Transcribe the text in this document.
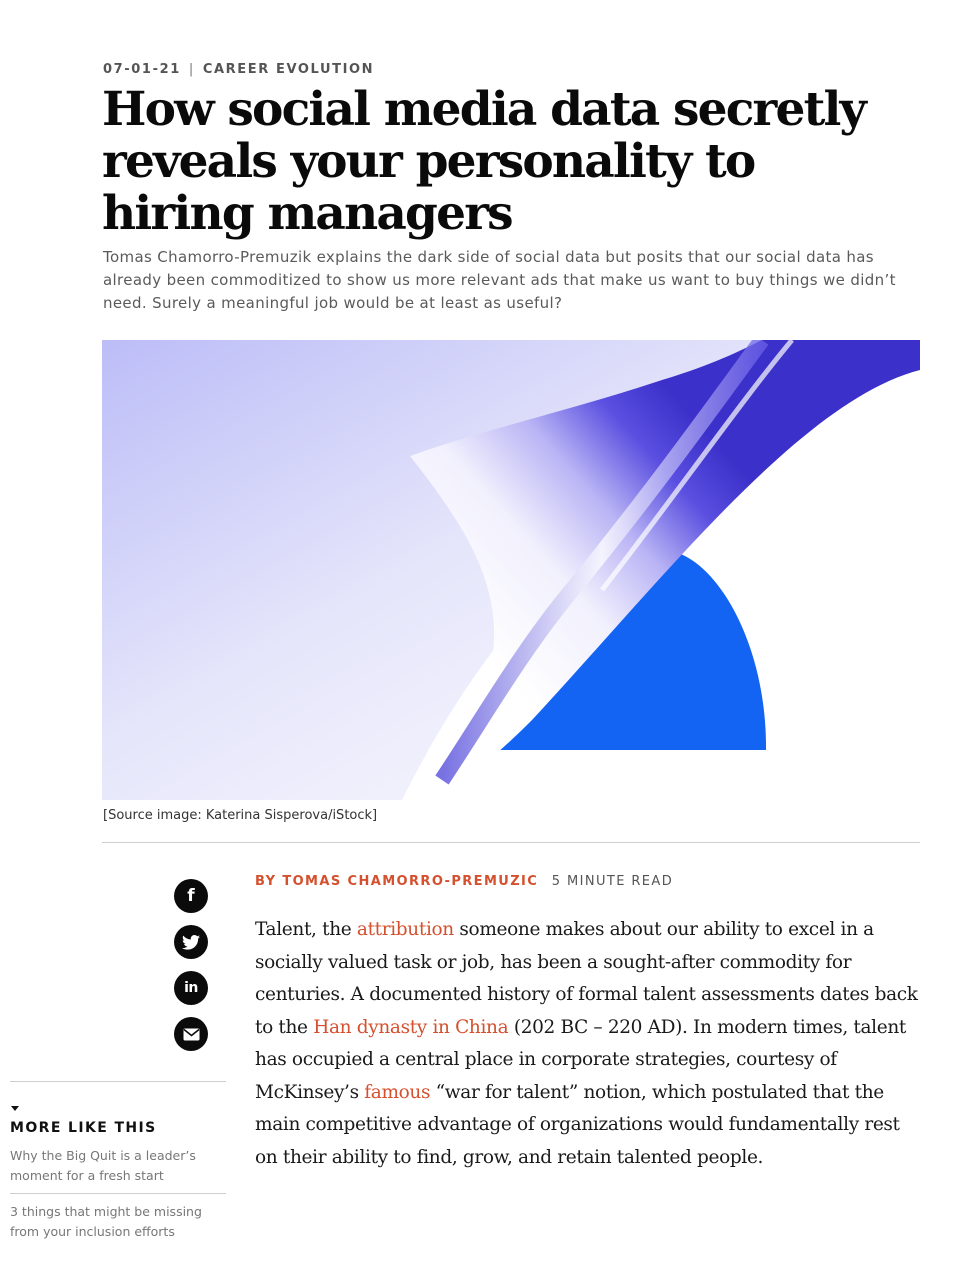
07-01-21 | CAREER EVOLUTION
How social media data secretly reveals your personality to hiring managers

Tomas Chamorro-Premuzik explains the dark side of social data but posits that our social data has already been commoditized to show us more relevant ads that make us want to buy things we didn’t need. Surely a meaningful job would be at least as useful?

[Source image: Katerina Sisperova/iStock]
BY TOMAS CHAMORRO-PREMUZIC 5 MINUTE READ
f
in
MORE LIKE THIS
Why the Big Quit is a leader’s moment for a fresh start
3 things that might be missing from your inclusion efforts
Talent, the attribution someone makes about our ability to excel in a socially valued task or job, has been a sought-after commodity for centuries. A documented history of formal talent assessments dates back to the Han dynasty in China (202 BC – 220 AD). In modern times, talent has occupied a central place in corporate strategies, courtesy of McKinsey’s famous “war for talent” notion, which postulated that the main competitive advantage of organizations would fundamentally rest on their ability to find, grow, and retain talented people.
